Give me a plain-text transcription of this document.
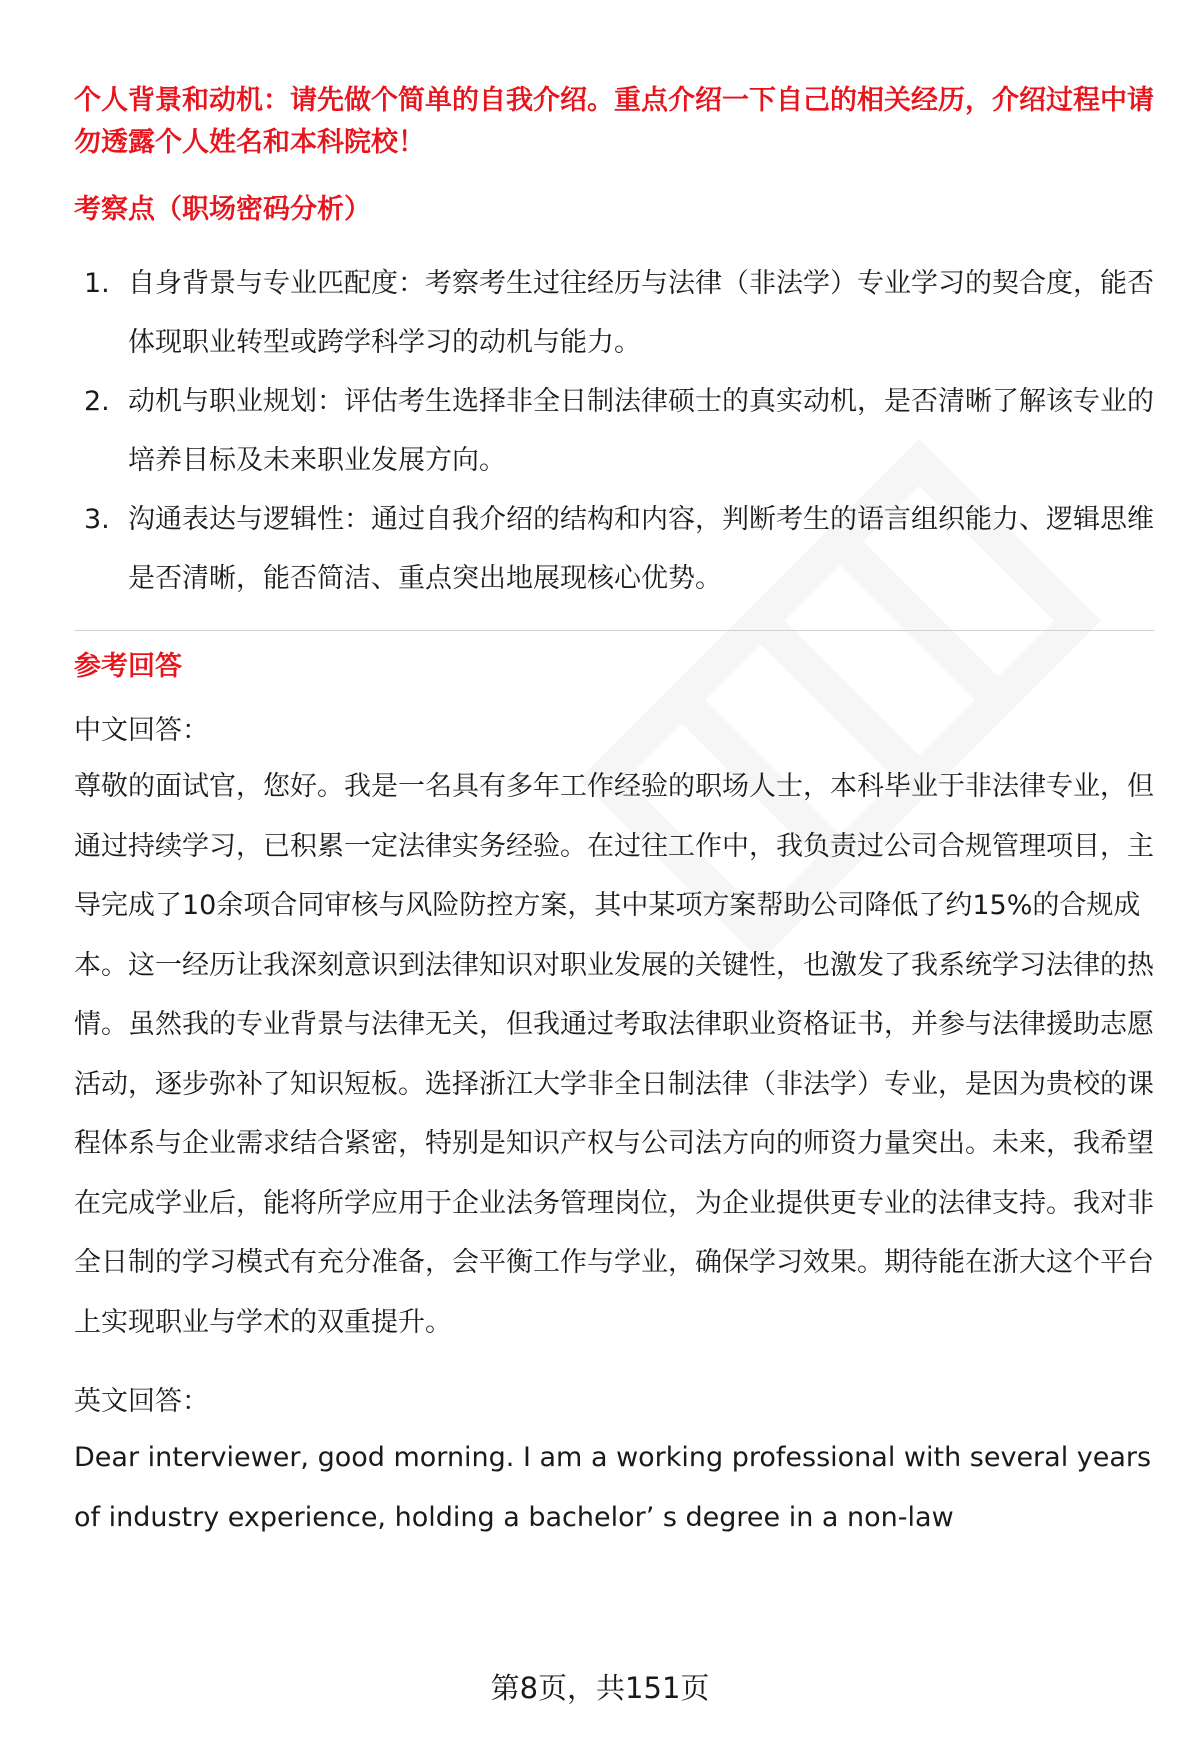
个人背景和动机：请先做个简单的自我介绍。重点介绍一下自己的相关经历，介绍过程中请勿透露个人姓名和本科院校！

考察点（职场密码分析）
1. 自身背景与专业匹配度：考察考生过往经历与法律（非法学）专业学习的契合度，能否体现职业转型或跨学科学习的动机与能力。
2. 动机与职业规划：评估考生选择非全日制法律硕士的真实动机，是否清晰了解该专业的培养目标及未来职业发展方向。
3. 沟通表达与逻辑性：通过自我介绍的结构和内容，判断考生的语言组织能力、逻辑思维是否清晰，能否简洁、重点突出地展现核心优势。
参考回答

中文回答：

尊敬的面试官，您好。我是一名具有多年工作经验的职场人士，本科毕业于非法律专业，但通过持续学习，已积累一定法律实务经验。在过往工作中，我负责过公司合规管理项目，主导完成了10余项合同审核与风险防控方案，其中某项方案帮助公司降低了约15%的合规成本。这一经历让我深刻意识到法律知识对职业发展的关键性，也激发了我系统学习法律的热情。虽然我的专业背景与法律无关，但我通过考取法律职业资格证书，并参与法律援助志愿活动，逐步弥补了知识短板。选择浙江大学非全日制法律（非法学）专业，是因为贵校的课程体系与企业需求结合紧密，特别是知识产权与公司法方向的师资力量突出。未来，我希望在完成学业后，能将所学应用于企业法务管理岗位，为企业提供更专业的法律支持。我对非全日制的学习模式有充分准备，会平衡工作与学业，确保学习效果。期待能在浙大这个平台上实现职业与学术的双重提升。

英文回答：

Dear interviewer, good morning. I am a working professional with several years of industry experience, holding a bachelor’ s degree in a non-law

第8页，共151页
